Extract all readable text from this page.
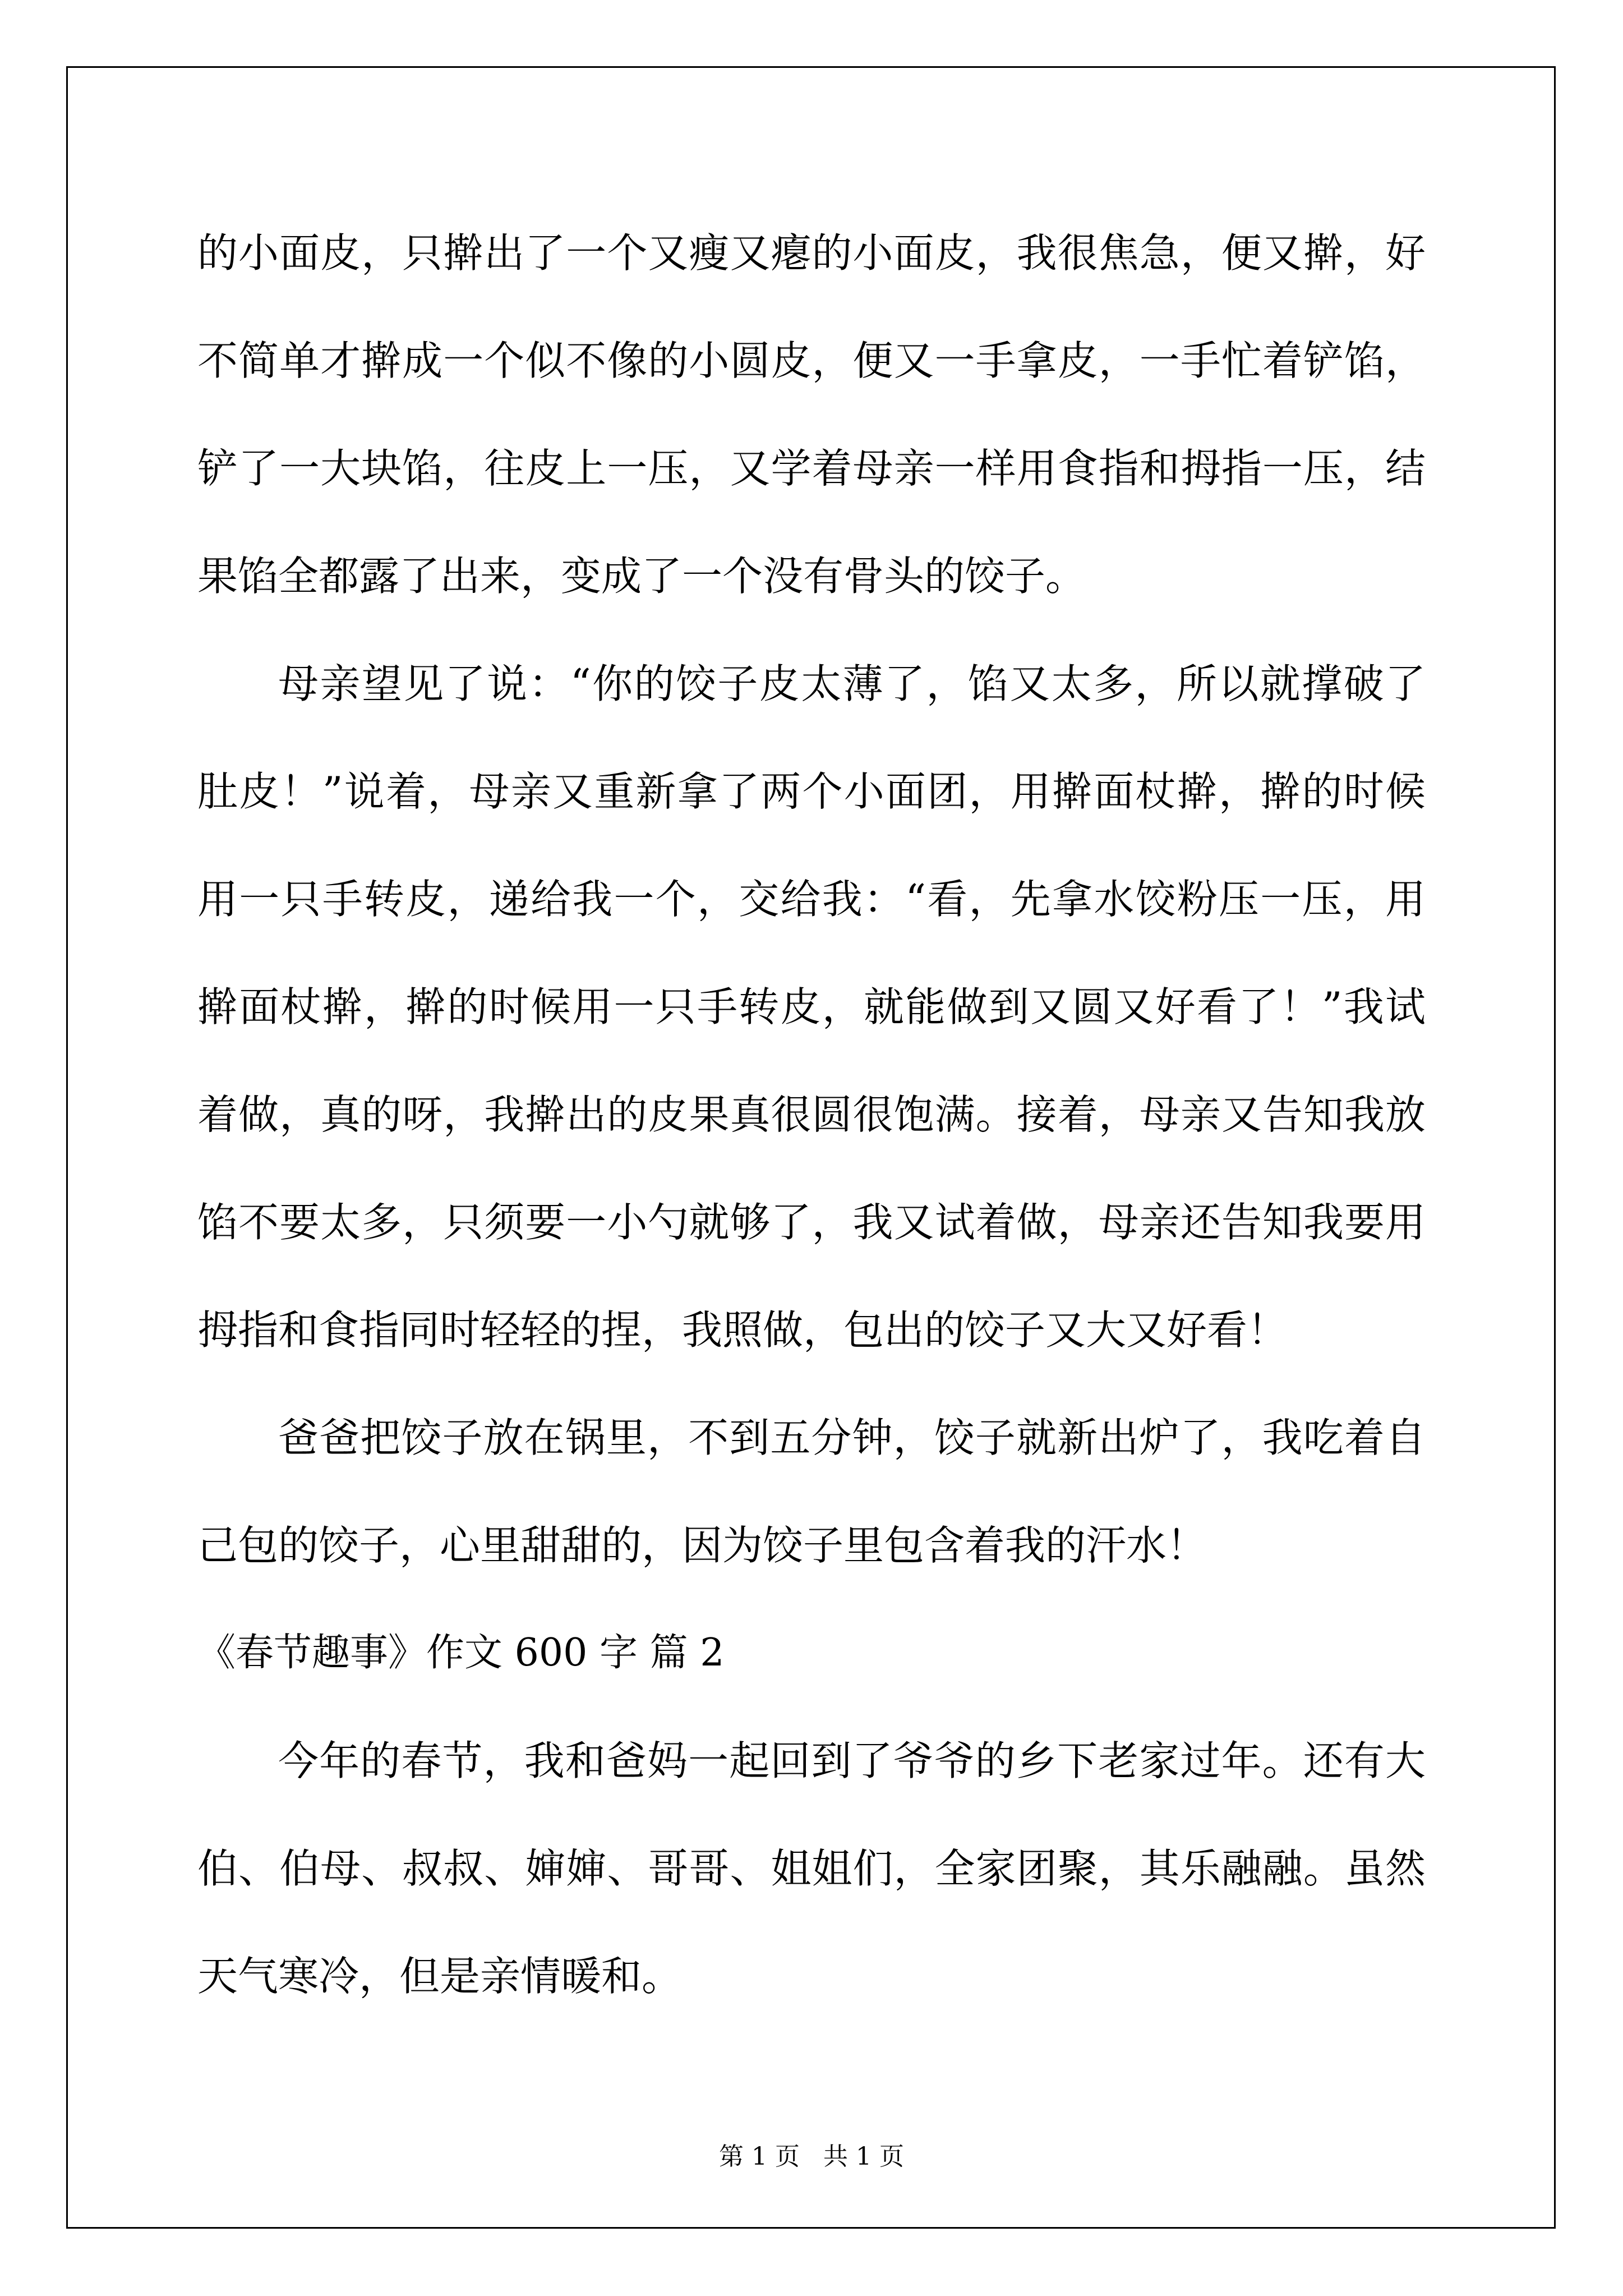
的小面皮，只擀出了一个又瘦又瘪的小面皮，我很焦急，便又擀，好不简单才擀成一个似不像的小圆皮，便又一手拿皮，一手忙着铲馅，铲了一大块馅，往皮上一压，又学着母亲一样用食指和拇指一压，结果馅全都露了出来，变成了一个没有骨头的饺子。

母亲望见了说：“你的饺子皮太薄了，馅又太多，所以就撑破了肚皮！”说着，母亲又重新拿了两个小面团，用擀面杖擀，擀的时候用一只手转皮，递给我一个，交给我：“看，先拿水饺粉压一压，用擀面杖擀，擀的时候用一只手转皮，就能做到又圆又好看了！”我试着做，真的呀，我擀出的皮果真很圆很饱满。接着，母亲又告知我放馅不要太多，只须要一小勺就够了，我又试着做，母亲还告知我要用拇指和食指同时轻轻的捏，我照做，包出的饺子又大又好看！

爸爸把饺子放在锅里，不到五分钟，饺子就新出炉了，我吃着自己包的饺子，心里甜甜的，因为饺子里包含着我的汗水！

《春节趣事》作文 600 字 篇 2

今年的春节，我和爸妈一起回到了爷爷的乡下老家过年。还有大伯、伯母、叔叔、婶婶、哥哥、姐姐们，全家团聚，其乐融融。虽然天气寒冷，但是亲情暖和。

第 1 页   共 1 页
